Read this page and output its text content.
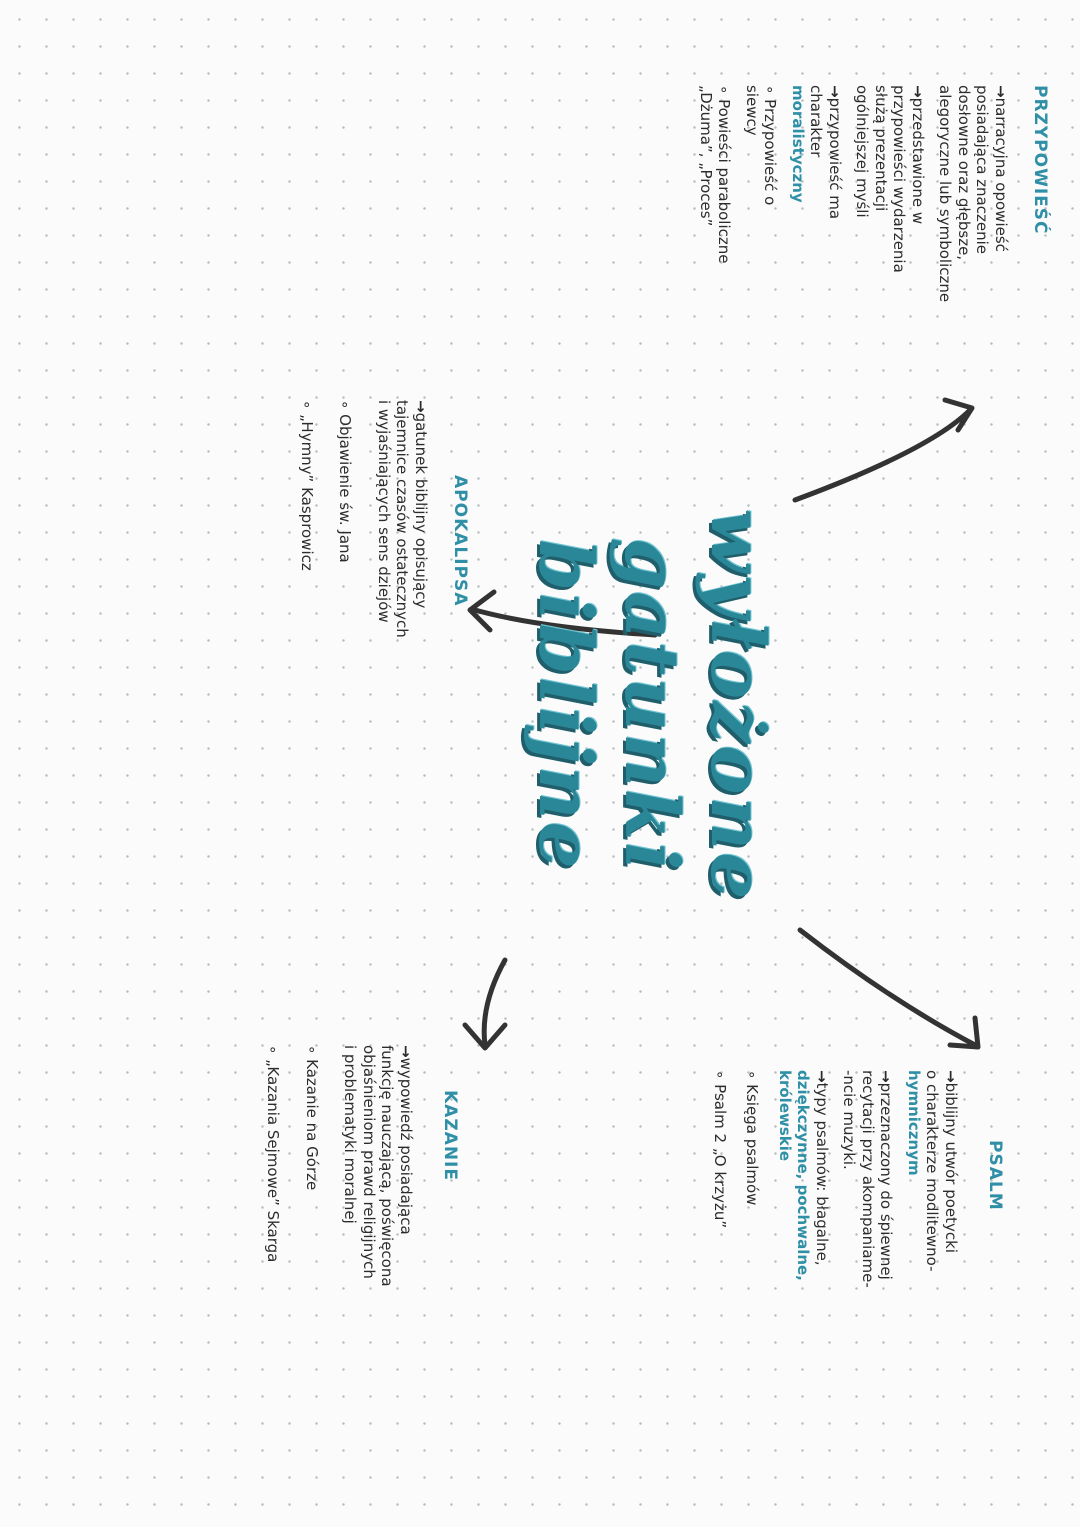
wyłożone
gatunki
biblijne
PRZYPOWIEŚĆ

→ narracyjna opowieść
posiadająca znaczenie
dosłowne oraz głębsze,
alegoryczne lub symboliczne

→ przedstawione w
przypowieści wydarzenia
służą prezentacji
ogólniejszej myśli

→ przypowieść ma
charakter
moralistyczny

∘ Przypowieść o
siewcy

∘ Powieści paraboliczne
„Dżuma”, „Proces”

APOKALIPSA

→ gatunek biblijny opisujący
tajemnice czasów ostatecznych
i wyjaśniających sens dziejów

∘ Objawienie św. Jana

∘ „Hymny” Kasprowicz

PSALM

→ biblijny utwór poetycki
o charakterze modlitewno-
hymnicznym

→ przeznaczony do śpiewnej
recytacji przy akompaniame-
-ncie muzyki.

→ typy psalmów: błagalne,
dziękczynne, pochwalne,
królewskie

∘ Księga psalmów

∘ Psalm 2 „O krzyżu”

KAZANIE

→ wypowiedź posiadająca
funkcję nauczającą, poświęcona
objaśnieniom prawd religijnych
i problematyki moralnej

∘ Kazanie na Górze

∘ „Kazania Sejmowe” Skarga
